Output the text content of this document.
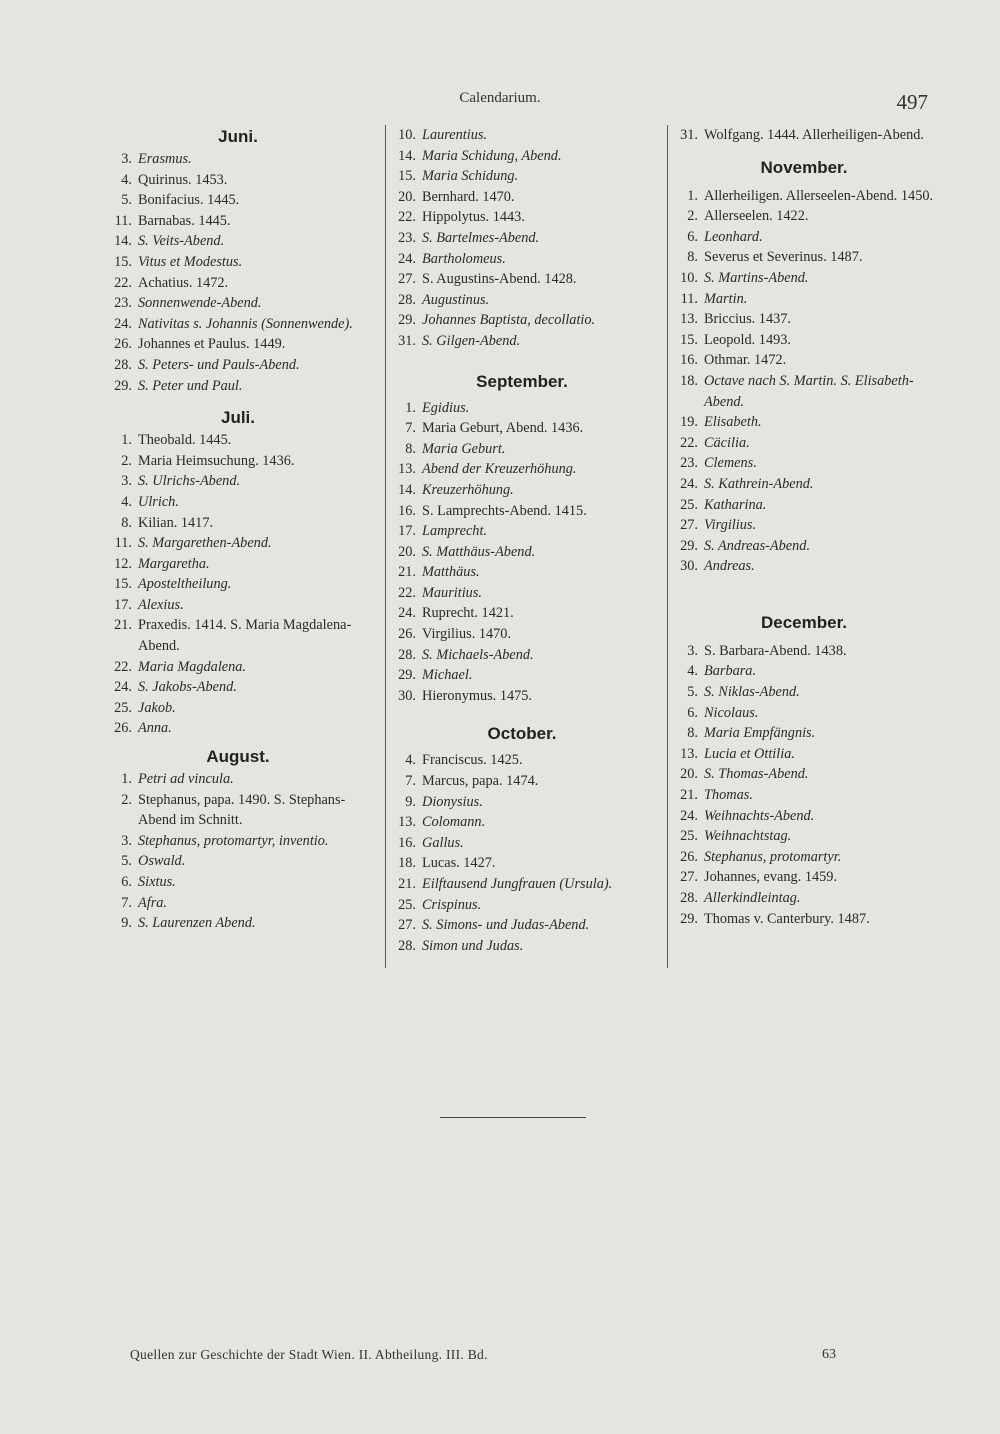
Calendarium.	497
Juni.
3. Erasmus.
4. Quirinus. 1453.
5. Bonifacius. 1445.
11. Barnabas. 1445.
14. S. Veits-Abend.
15. Vitus et Modestus.
22. Achatius. 1472.
23. Sonnenwende-Abend.
24. Nativitas s. Johannis (Sonnenwende).
26. Johannes et Paulus. 1449.
28. S. Peters- und Pauls-Abend.
29. S. Peter und Paul.
Juli.
1. Theobald. 1445.
2. Maria Heimsuchung. 1436.
3. S. Ulrichs-Abend.
4. Ulrich.
8. Kilian. 1417.
11. S. Margarethen-Abend.
12. Margaretha.
15. Aposteltheilung.
17. Alexius.
21. Praxedis. 1414. S. Maria Magdalena-Abend.
22. Maria Magdalena.
24. S. Jakobs-Abend.
25. Jakob.
26. Anna.
August.
1. Petri ad vincula.
2. Stephanus, papa. 1490. S. Stephans-Abend im Schnitt.
3. Stephanus, protomartyr, inventio.
5. Oswald.
6. Sixtus.
7. Afra.
9. S. Laurenzen Abend.
10. Laurentius.
14. Maria Schidung, Abend.
15. Maria Schidung.
20. Bernhard. 1470.
22. Hippolytus. 1443.
23. S. Bartelmes-Abend.
24. Bartholomeus.
27. S. Augustins-Abend. 1428.
28. Augustinus.
29. Johannes Baptista, decollatio.
31. S. Gilgen-Abend.
September.
1. Egidius.
7. Maria Geburt, Abend. 1436.
8. Maria Geburt.
13. Abend der Kreuzerhöhung.
14. Kreuzerhöhung.
16. S. Lamprechts-Abend. 1415.
17. Lamprecht.
20. S. Matthäus-Abend.
21. Matthäus.
22. Mauritius.
24. Ruprecht. 1421.
26. Virgilius. 1470.
28. S. Michaels-Abend.
29. Michael.
30. Hieronymus. 1475.
October.
4. Franciscus. 1425.
7. Marcus, papa. 1474.
9. Dionysius.
13. Colomann.
16. Gallus.
18. Lucas. 1427.
21. Eilftausend Jungfrauen (Ursula).
25. Crispinus.
27. S. Simons- und Judas-Abend.
28. Simon und Judas.
31. Wolfgang. 1444. Allerheiligen-Abend.
November.
1. Allerheiligen. Allerseelen-Abend. 1450.
2. Allerseelen. 1422.
6. Leonhard.
8. Severus et Severinus. 1487.
10. S. Martins-Abend.
11. Martin.
13. Briccius. 1437.
15. Leopold. 1493.
16. Othmar. 1472.
18. Octave nach S. Martin. S. Elisabeth-Abend.
19. Elisabeth.
22. Cäcilia.
23. Clemens.
24. S. Kathrein-Abend.
25. Katharina.
27. Virgilius.
29. S. Andreas-Abend.
30. Andreas.
December.
3. S. Barbara-Abend. 1438.
4. Barbara.
5. S. Niklas-Abend.
6. Nicolaus.
8. Maria Empfängnis.
13. Lucia et Ottilia.
20. S. Thomas-Abend.
21. Thomas.
24. Weihnachts-Abend.
25. Weihnachtstag.
26. Stephanus, protomartyr.
27. Johannes, evang. 1459.
28. Allerkindleintag.
29. Thomas v. Canterbury. 1487.
Quellen zur Geschichte der Stadt Wien. II. Abtheilung. III. Bd.	63
